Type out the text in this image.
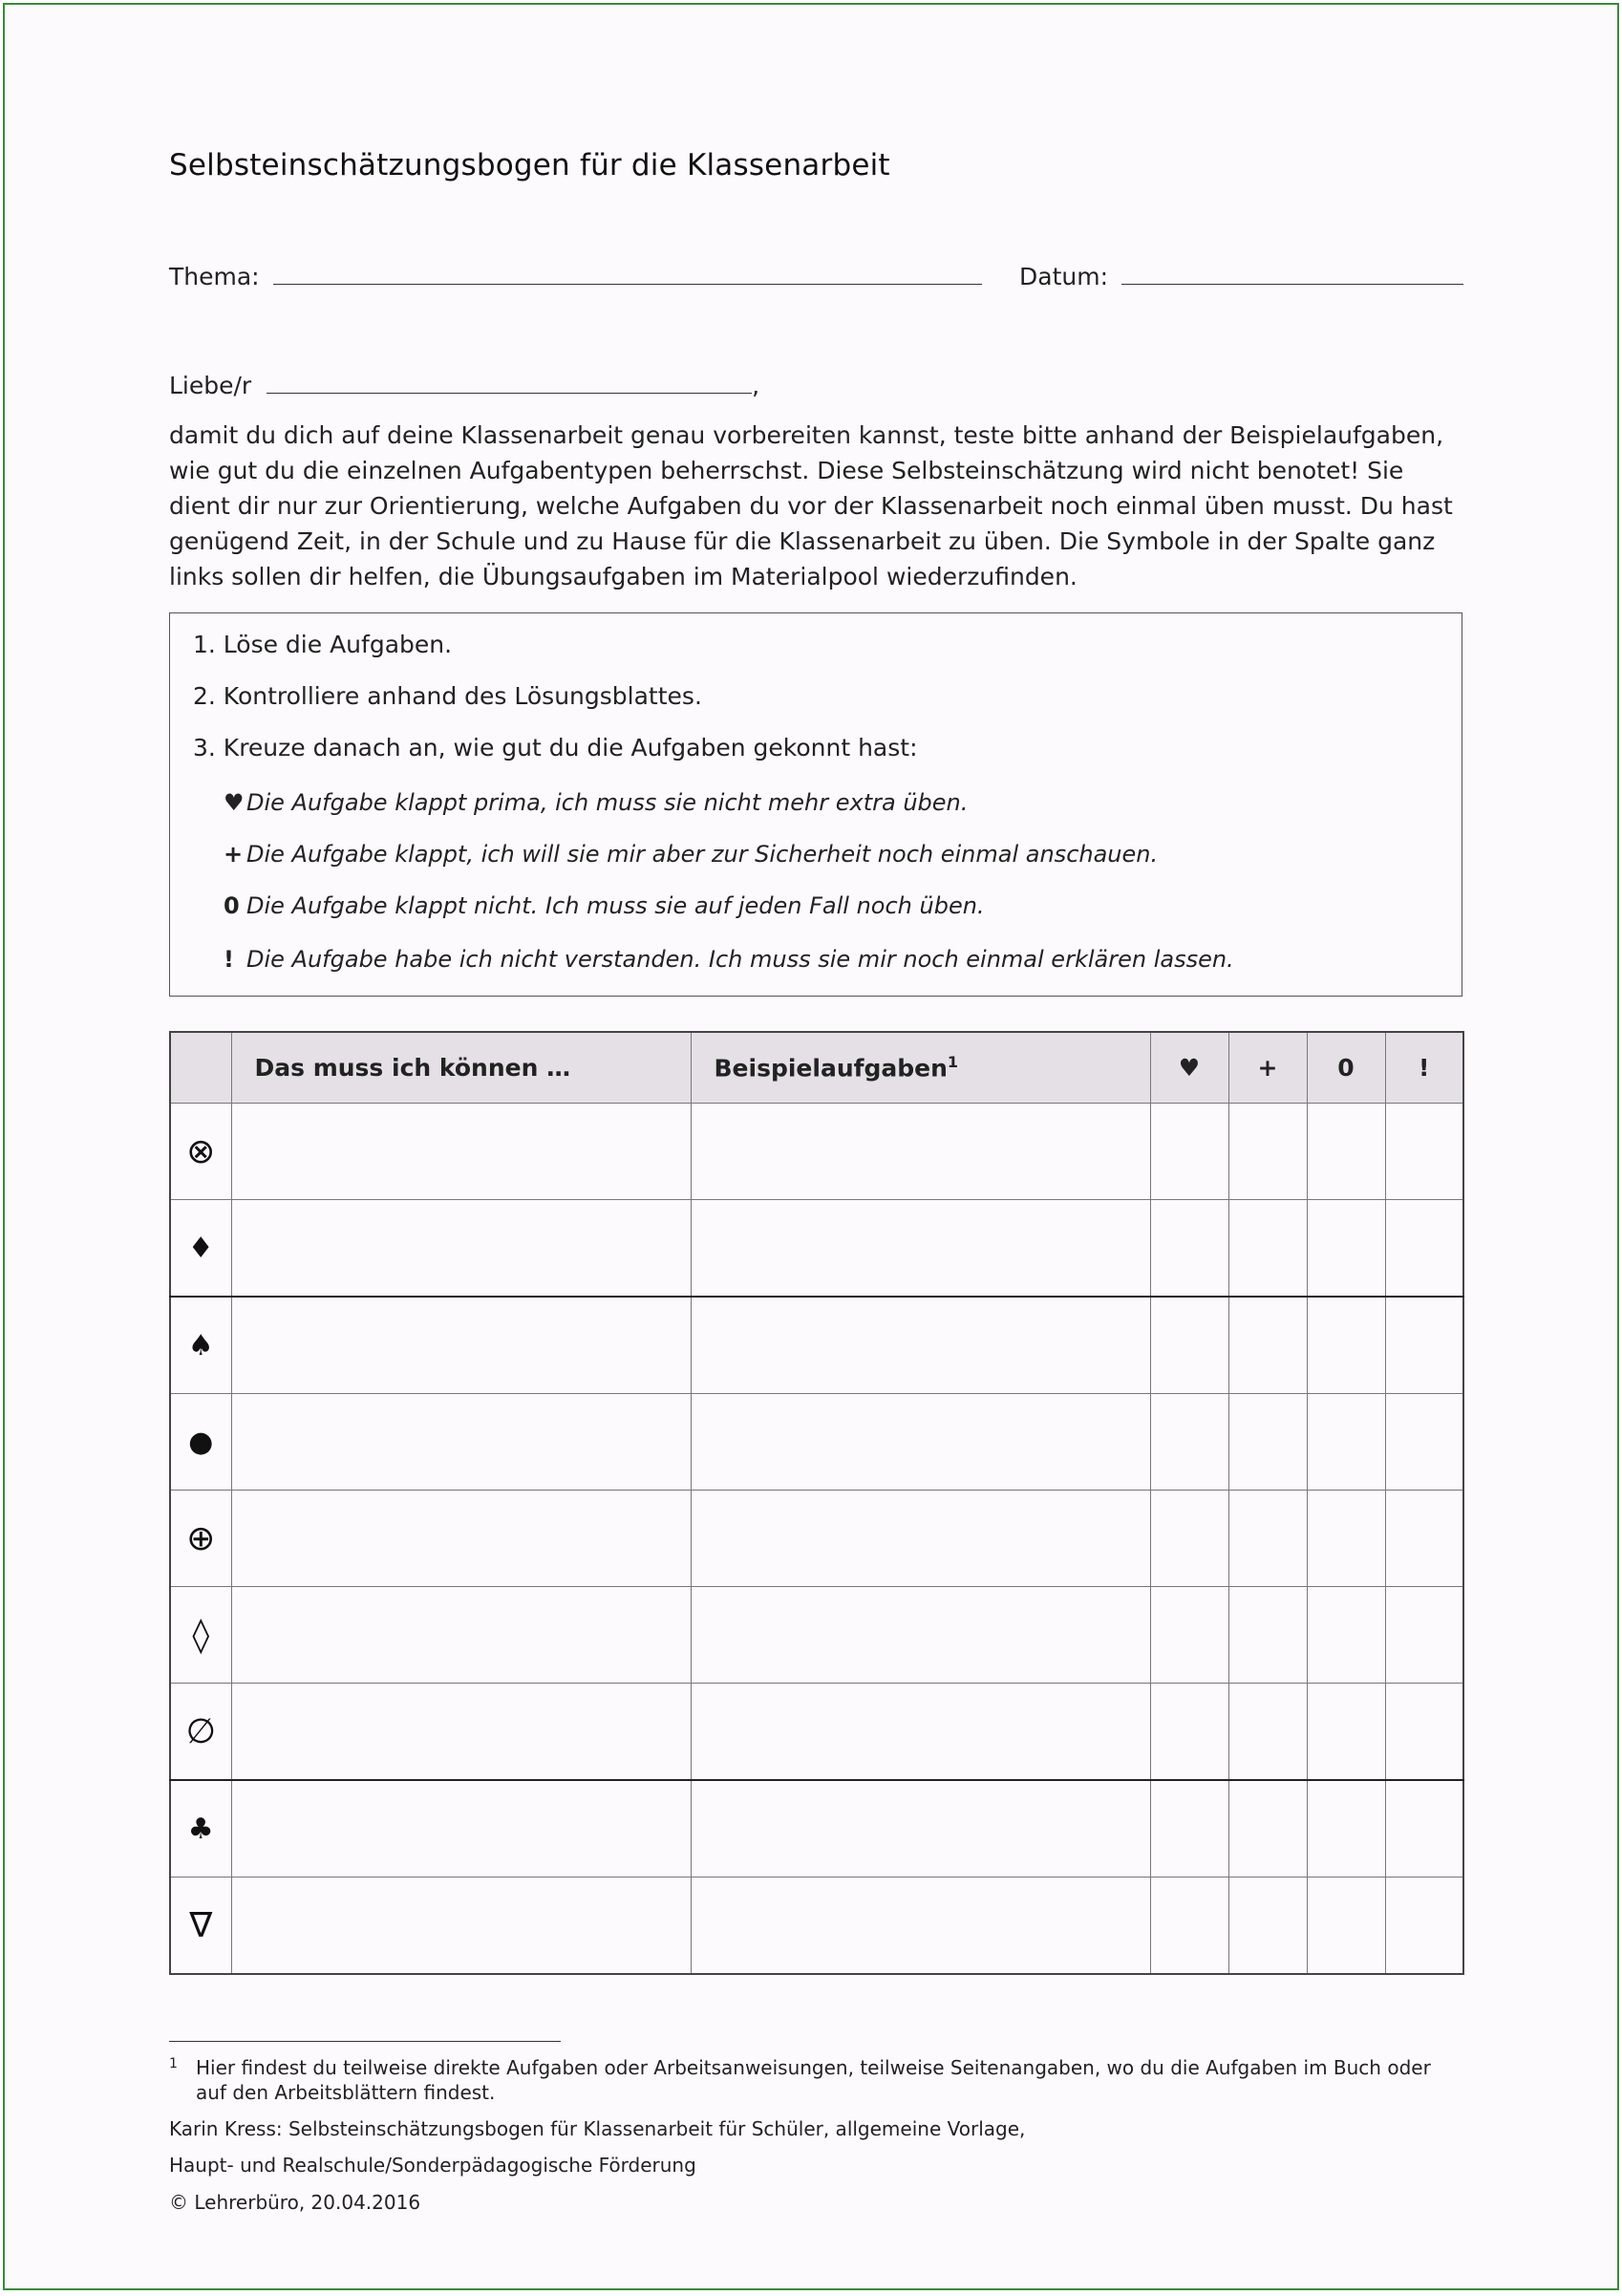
Selbsteinschätzungsbogen für die Klassenarbeit
Thema:	Datum:
Liebe/r	,

damit du dich auf deine Klassenarbeit genau vorbereiten kannst, teste bitte anhand der Beispielaufgaben, wie gut du die einzelnen Aufgabentypen beherrschst. Diese Selbsteinschätzung wird nicht benotet! Sie dient dir nur zur Orientierung, welche Aufgaben du vor der Klassenarbeit noch einmal üben musst. Du hast genügend Zeit, in der Schule und zu Hause für die Klassenarbeit zu üben. Die Symbole in der Spalte ganz links sollen dir helfen, die Übungsaufgaben im Materialpool wiederzufinden.

1. Löse die Aufgaben.
2. Kontrolliere anhand des Lösungsblattes.
3. Kreuze danach an, wie gut du die Aufgaben gekonnt hast:
♥ Die Aufgabe klappt prima, ich muss sie nicht mehr extra üben.
+ Die Aufgabe klappt, ich will sie mir aber zur Sicherheit noch einmal anschauen.
0 Die Aufgabe klappt nicht. Ich muss sie auf jeden Fall noch üben.
! Die Aufgabe habe ich nicht verstanden. Ich muss sie mir noch einmal erklären lassen.
	Das muss ich können …	Beispielaufgaben$^1$	♥	+	0	!
⊗						
♦						
♠						
●						
⊕						
◊						
∅						
♣						
∇						
1 Hier findest du teilweise direkte Aufgaben oder Arbeitsanweisungen, teilweise Seitenangaben, wo du die Aufgaben im Buch oder auf den Arbeitsblättern findest.
Karin Kress: Selbsteinschätzungsbogen für Klassenarbeit für Schüler, allgemeine Vorlage,
Haupt- und Realschule/Sonderpädagogische Förderung
© Lehrerbüro, 20.04.2016
